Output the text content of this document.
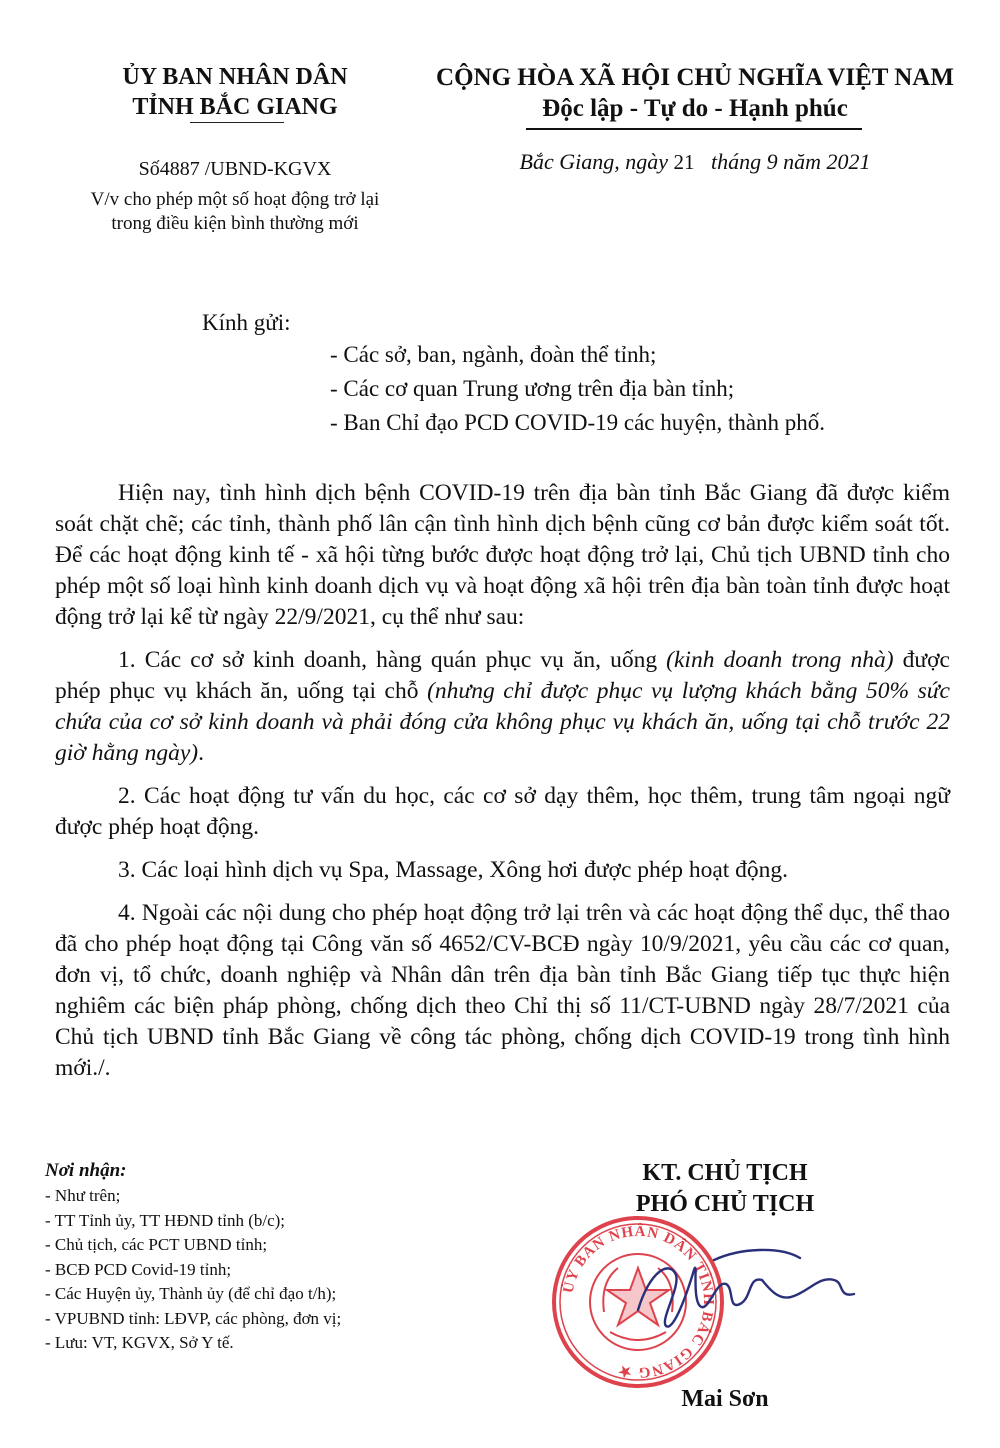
ỦY BAN NHÂN DÂN
TỈNH BẮC GIANG
Số4887 /UBND-KGVX
V/v cho phép một số hoạt động trở lại
trong điều kiện bình thường mới
CỘNG HÒA XÃ HỘI CHỦ NGHĨA VIỆT NAM
Độc lập - Tự do - Hạnh phúc
Bắc Giang, ngày 21 tháng 9 năm 2021
Kính gửi:
- Các sở, ban, ngành, đoàn thể tỉnh;
- Các cơ quan Trung ương trên địa bàn tỉnh;
- Ban Chỉ đạo PCD COVID-19 các huyện, thành phố.

Hiện nay, tình hình dịch bệnh COVID-19 trên địa bàn tỉnh Bắc Giang đã được kiểm soát chặt chẽ; các tỉnh, thành phố lân cận tình hình dịch bệnh cũng cơ bản được kiểm soát tốt. Để các hoạt động kinh tế - xã hội từng bước được hoạt động trở lại, Chủ tịch UBND tỉnh cho phép một số loại hình kinh doanh dịch vụ và hoạt động xã hội trên địa bàn toàn tỉnh được hoạt động trở lại kể từ ngày 22/9/2021, cụ thể như sau:

1. Các cơ sở kinh doanh, hàng quán phục vụ ăn, uống (kinh doanh trong nhà) được phép phục vụ khách ăn, uống tại chỗ (nhưng chỉ được phục vụ lượng khách bằng 50% sức chứa của cơ sở kinh doanh và phải đóng cửa không phục vụ khách ăn, uống tại chỗ trước 22 giờ hằng ngày).

2. Các hoạt động tư vấn du học, các cơ sở dạy thêm, học thêm, trung tâm ngoại ngữ được phép hoạt động.

3. Các loại hình dịch vụ Spa, Massage, Xông hơi được phép hoạt động.

4. Ngoài các nội dung cho phép hoạt động trở lại trên và các hoạt động thể dục, thể thao đã cho phép hoạt động tại Công văn số 4652/CV-BCĐ ngày 10/9/2021, yêu cầu các cơ quan, đơn vị, tổ chức, doanh nghiệp và Nhân dân trên địa bàn tỉnh Bắc Giang tiếp tục thực hiện nghiêm các biện pháp phòng, chống dịch theo Chỉ thị số 11/CT-UBND ngày 28/7/2021 của Chủ tịch UBND tỉnh Bắc Giang về công tác phòng, chống dịch COVID-19 trong tình hình mới./.

Nơi nhận:
- Như trên;
- TT Tỉnh ủy, TT HĐND tỉnh (b/c);
- Chủ tịch, các PCT UBND tỉnh;
- BCĐ PCD Covid-19 tỉnh;
- Các Huyện ủy, Thành ủy (để chỉ đạo t/h);
- VPUBND tỉnh: LĐVP, các phòng, đơn vị;
- Lưu: VT, KGVX, Sở Y tế.
KT. CHỦ TỊCH
PHÓ CHỦ TỊCH
ỦY BAN NHÂN DÂN TỈNH BẮC GIANG ★
Mai Sơn
